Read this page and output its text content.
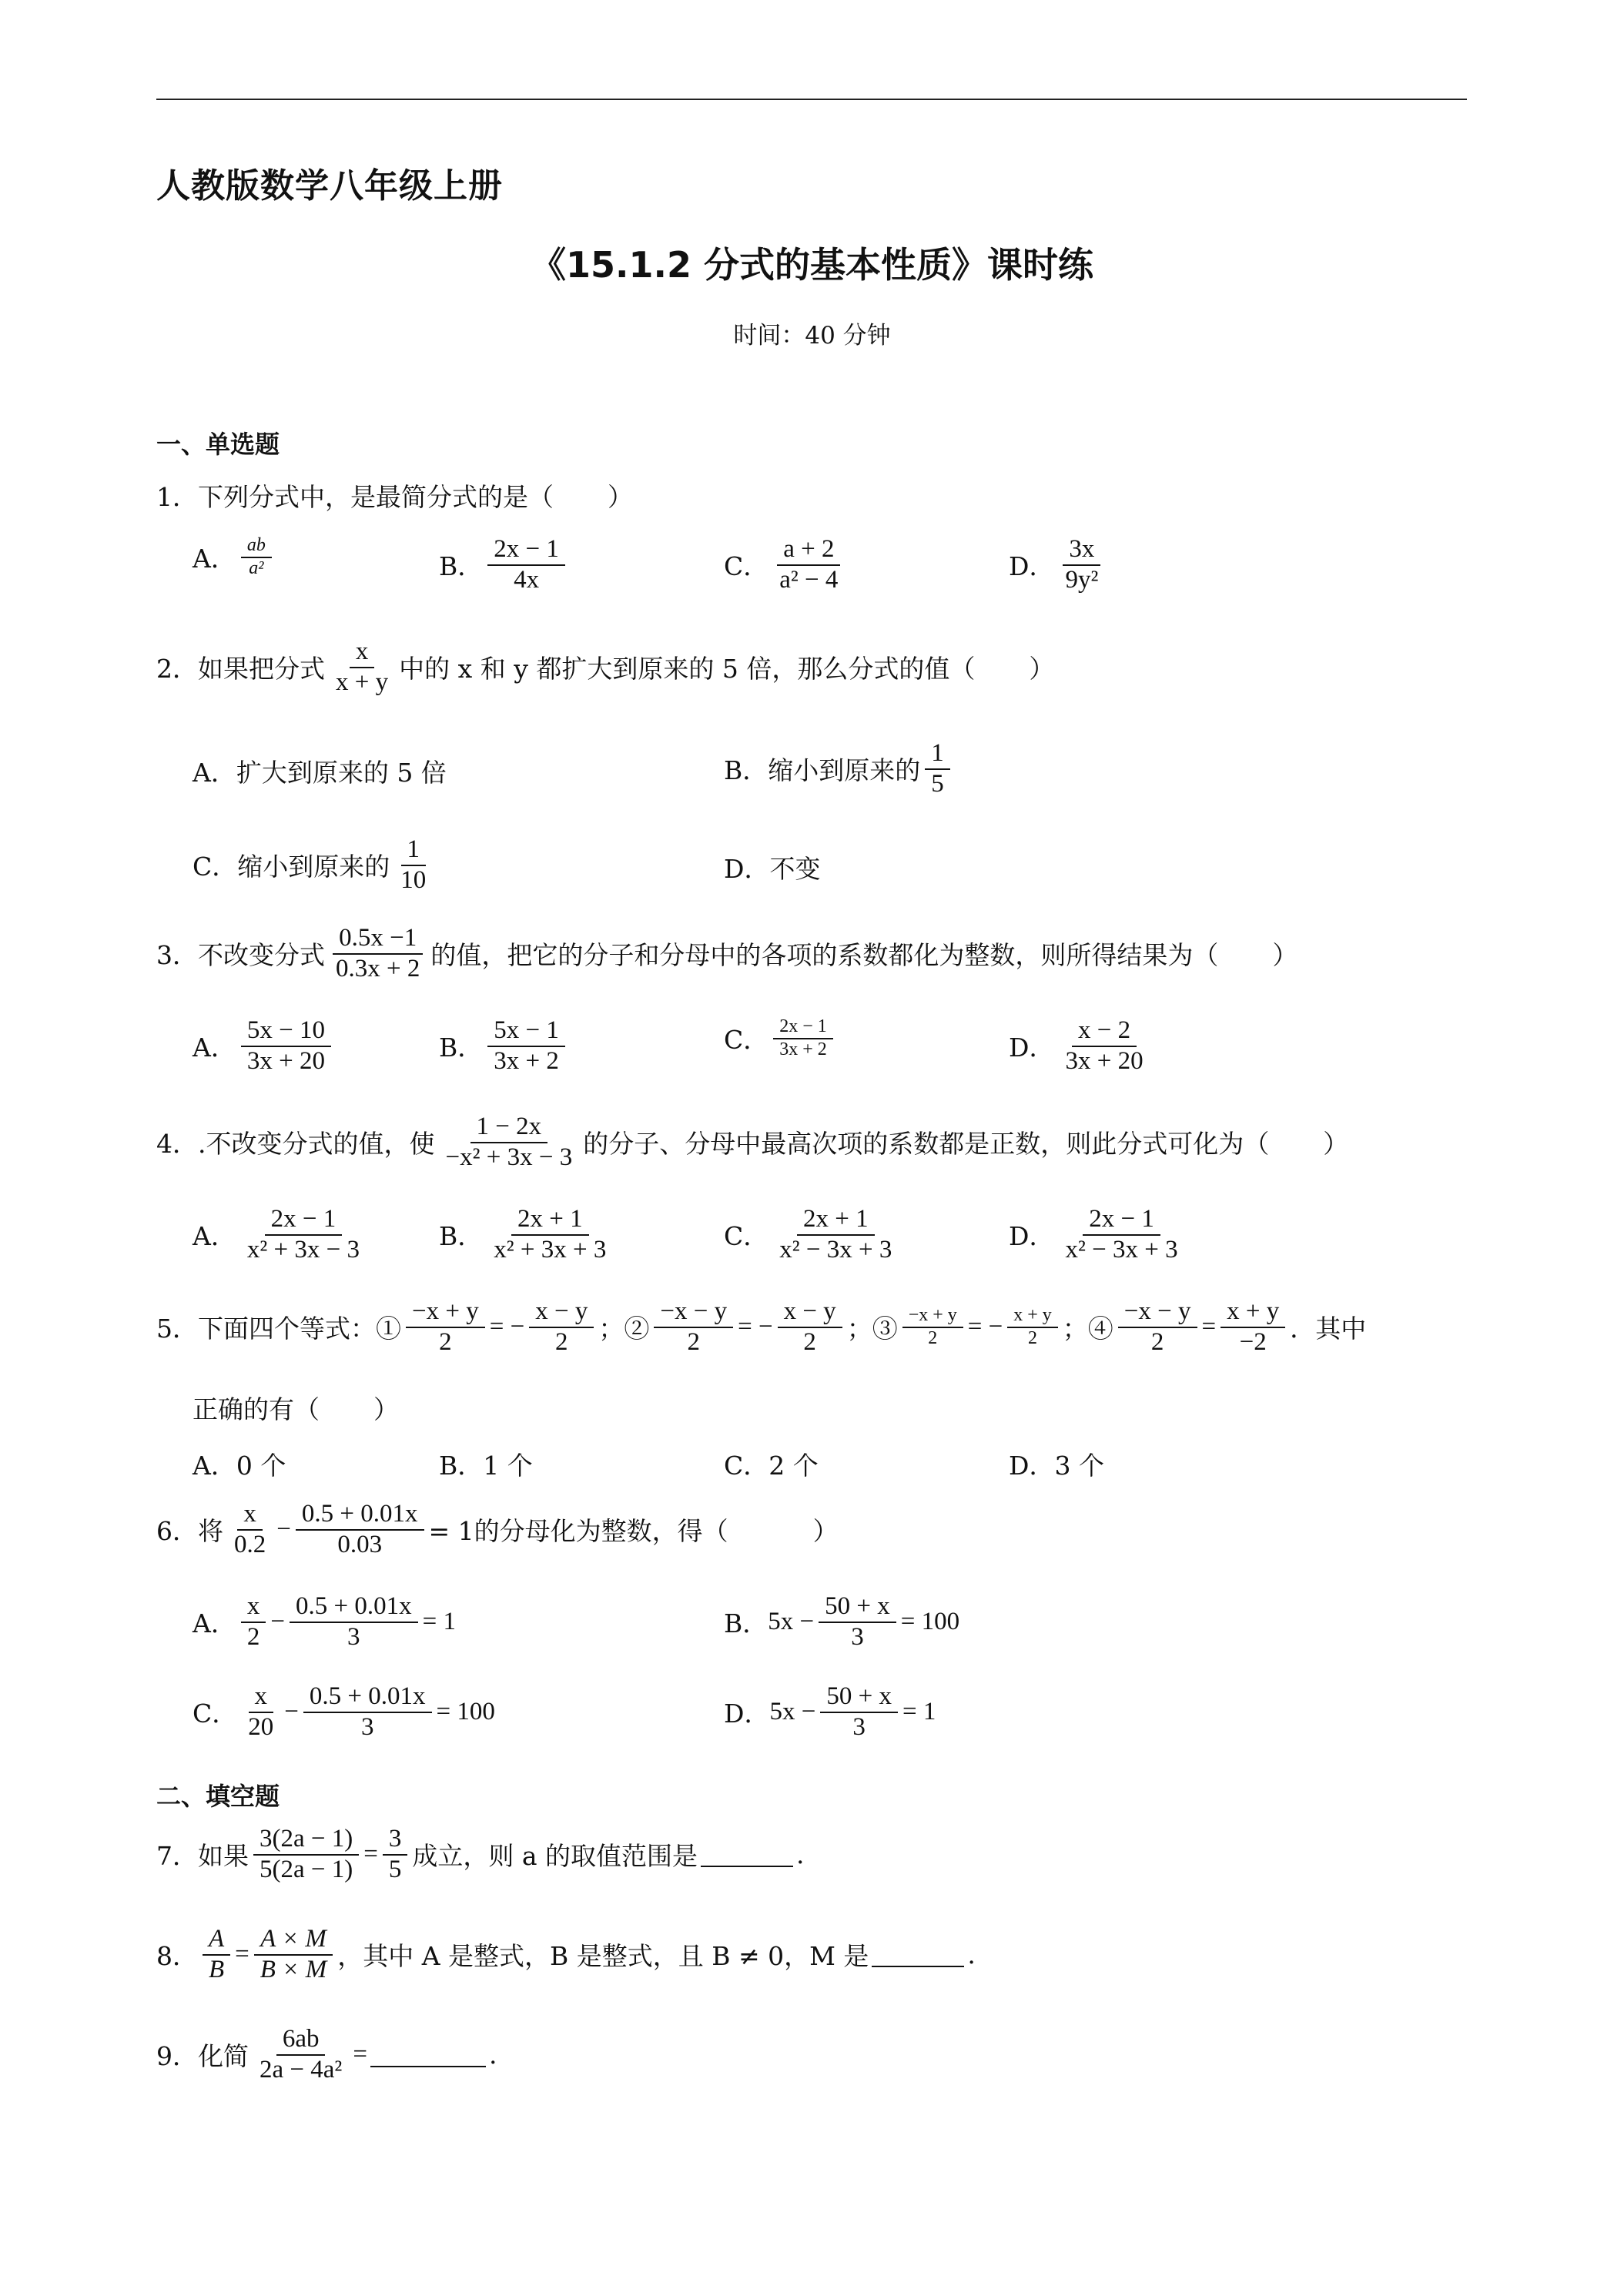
人教版数学八年级上册
《15.1.2 分式的基本性质》课时练
时间：40 分钟
一、单选题
1．下列分式中，是最简分式的是（ ）
A． $\frac{ab}{\text{a²}}$	B． $\frac{2x - 1}{4x}$	C． $\frac{a + 2}{\text{a² − 4}}$	D． $\frac{3x}{\text{9y²}}$
2．如果把分式 $\frac{x}{x + y}$ 中的 x 和 y 都扩大到原来的 5 倍，那么分式的值（ ）
A．扩大到原来的 5 倍	B．缩小到原来的 $\frac{1}{5}$
C．缩小到原来的 $\frac{1}{10}$	D．不变
3．不改变分式 $\frac{0.5x -1}{0.3x + 2}$ 的值，把它的分子和分母中的各项的系数都化为整数，则所得结果为（ ）
A． $\frac{5x - 10}{3x + 20}$	B． $\frac{5x - 1}{3x + 2}$	C． $\frac{2x - 1}{3x + 2}$	D． $\frac{x - 2}{3x + 20}$
4．.不改变分式的值，使 $\frac{1 - 2x}{\text{−x² + 3x − 3}}$ 的分子、分母中最高次项的系数都是正数，则此分式可化为（ ）
A． $\frac{2x - 1}{\text{x² + 3x − 3}}$	B． $\frac{2x + 1}{\text{x² + 3x + 3}}$	C． $\frac{2x + 1}{\text{x² − 3x + 3}}$	D． $\frac{2x - 1}{\text{x² − 3x + 3}}$
5．下面四个等式：① $\frac{-x + y}{2}$ = − $\frac{x - y}{2}$ ；② $\frac{-x - y}{2}$ = − $\frac{x - y}{2}$ ；③ $\frac{-x + y}{2}$ = − $\frac{x + y}{2}$ ；④ $\frac{-x - y}{2} = \frac{x + y}{-2}$ ．其中
正确的有（ ）
A．0 个	B．1 个	C．2 个	D．3 个
6．将 $\frac{x}{0.2} - \frac{0.5 + 0.01x}{0.03} = 1$的分母化为整数，得（	）
A． $\frac{x}{2} - \frac{0.5 + 0.01x}{3} = 1$	B． $5x - \frac{50 + x}{3} = 100$
C． $\frac{x}{20} - \frac{0.5 + 0.01x}{3} = 100$	D． $5x - \frac{50 + x}{3} = 1$
二、填空题
7．如果 $\frac{3(2a - 1)}{5(2a - 1)} = \frac{3}{5}$ 成立，则 a 的取值范围是	.
8． $\frac{A}{B} = \frac{A \times M}{B \times M}$ ，其中 A 是整式，B 是整式，且 B ≠ 0，M 是	.
9．化简 $\frac{6ab}{\text{2a − 4a²}}$ =	.
